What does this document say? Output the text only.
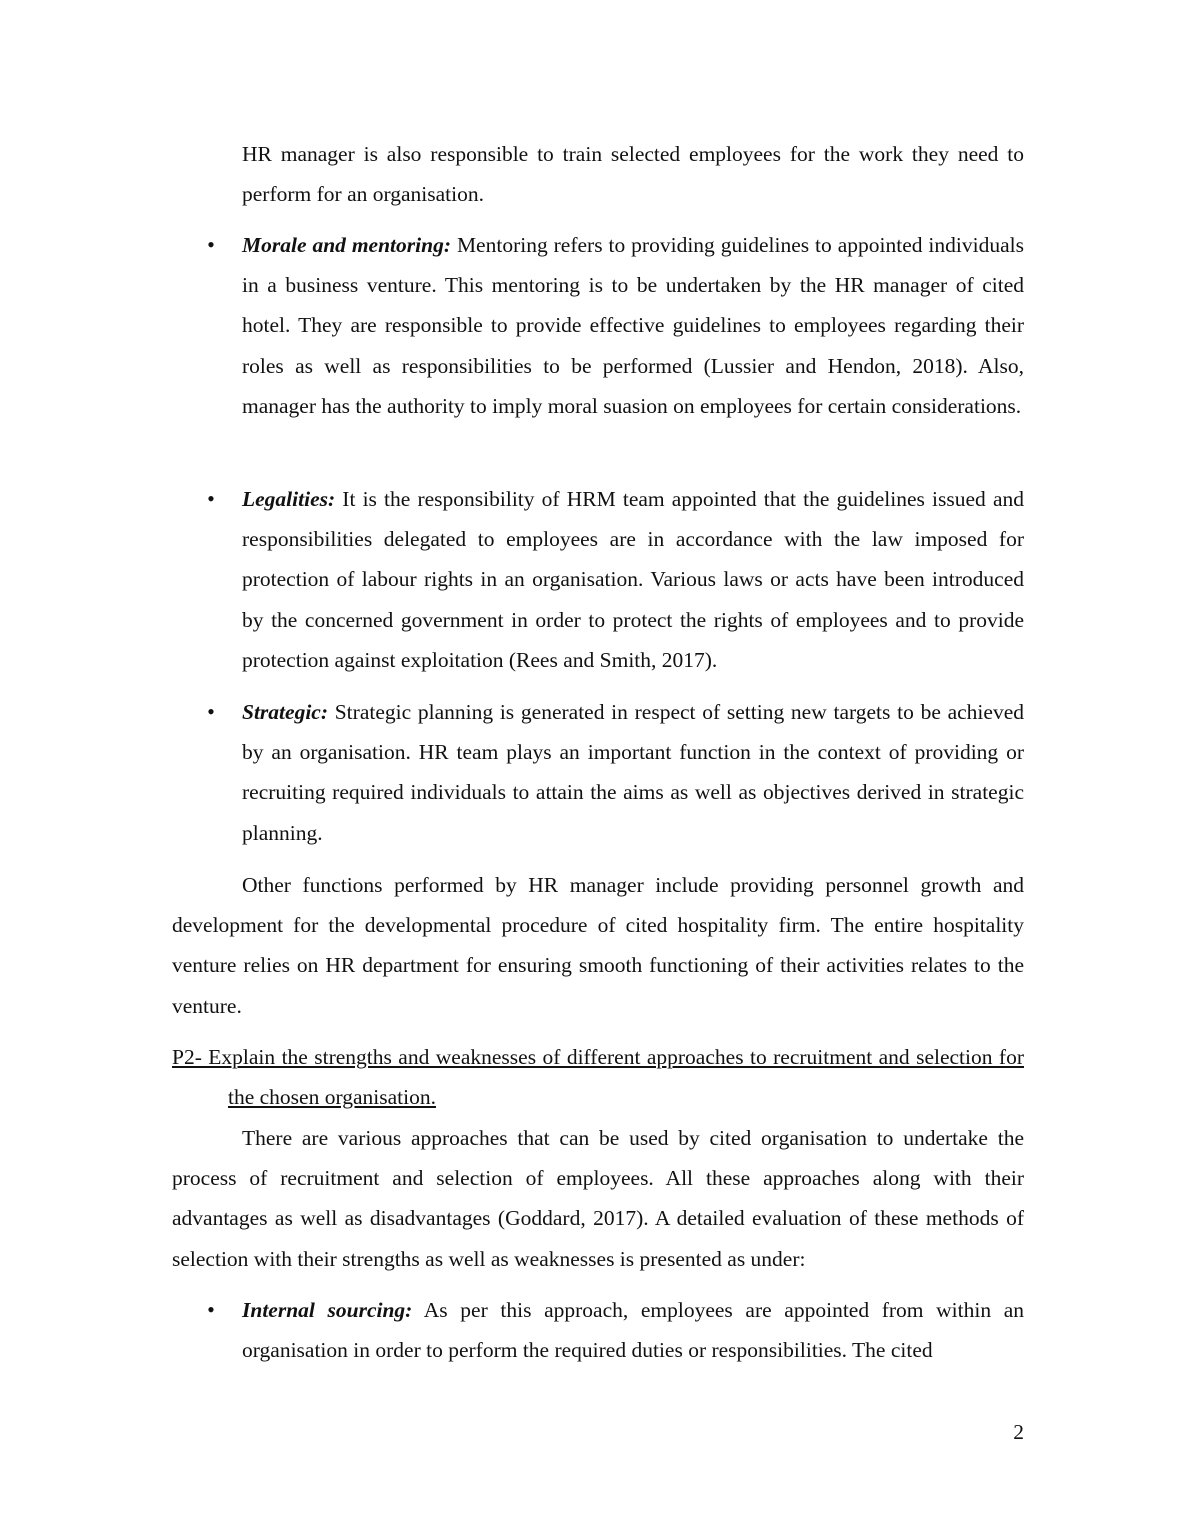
HR manager is also responsible to train selected employees for the work they need to perform for an organisation.
• Morale and mentoring: Mentoring refers to providing guidelines to appointed individuals in a business venture. This mentoring is to be undertaken by the HR manager of cited hotel. They are responsible to provide effective guidelines to employees regarding their roles as well as responsibilities to be performed (Lussier and Hendon, 2018). Also, manager has the authority to imply moral suasion on employees for certain considerations.
• Legalities: It is the responsibility of HRM team appointed that the guidelines issued and responsibilities delegated to employees are in accordance with the law imposed for protection of labour rights in an organisation. Various laws or acts have been introduced by the concerned government in order to protect the rights of employees and to provide protection against exploitation (Rees and Smith, 2017).
• Strategic: Strategic planning is generated in respect of setting new targets to be achieved by an organisation. HR team plays an important function in the context of providing or recruiting required individuals to attain the aims as well as objectives derived in strategic planning.
Other functions performed by HR manager include providing personnel growth and development for the developmental procedure of cited hospitality firm. The entire hospitality venture relies on HR department for ensuring smooth functioning of their activities relates to the venture.
P2- Explain the strengths and weaknesses of different approaches to recruitment and selection for the chosen organisation.
There are various approaches that can be used by cited organisation to undertake the process of recruitment and selection of employees. All these approaches along with their advantages as well as disadvantages (Goddard, 2017). A detailed evaluation of these methods of selection with their strengths as well as weaknesses is presented as under:
• Internal sourcing: As per this approach, employees are appointed from within an organisation in order to perform the required duties or responsibilities. The cited
2
